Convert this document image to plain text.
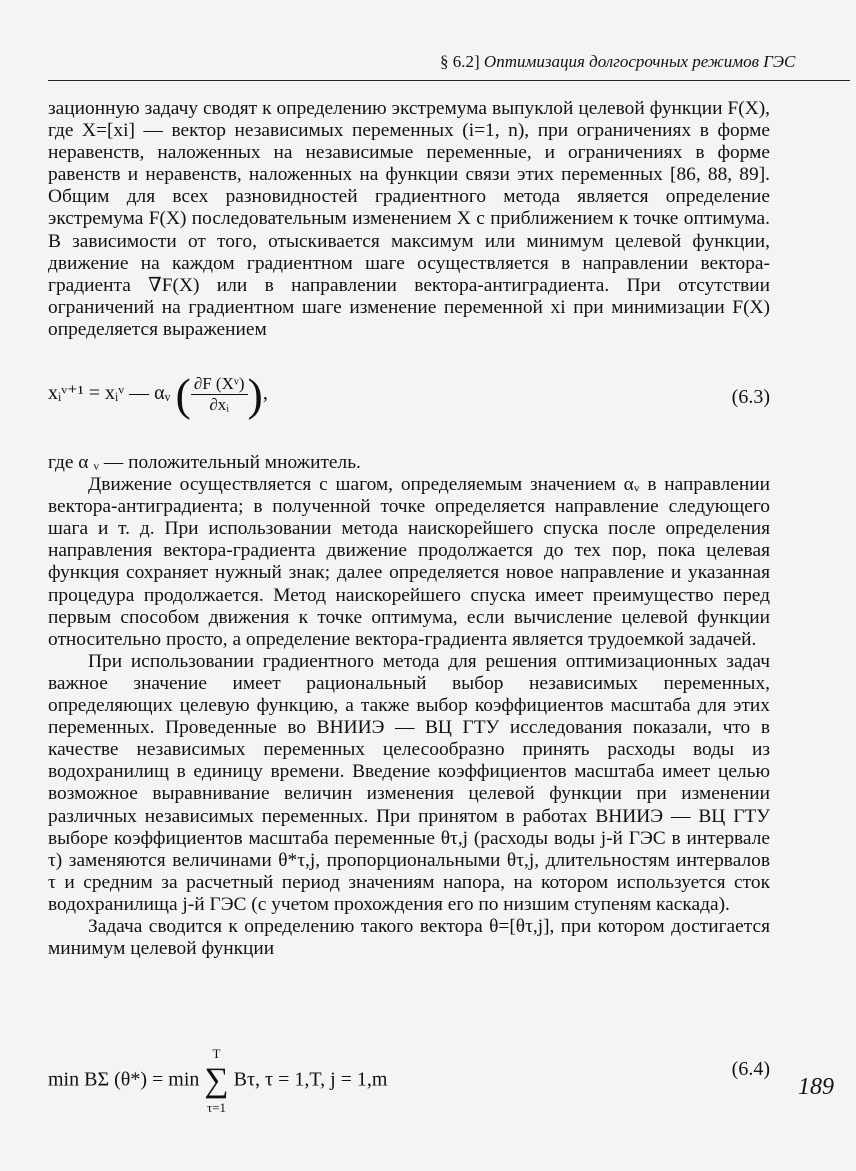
§ 6.2] Оптимизация долгосрочных режимов ГЭС

зационную задачу сводят к определению экстремума выпуклой целевой функции F(X), где X=[xi] — вектор независимых переменных (i=1, n), при ограничениях в форме неравенств, наложенных на независимые переменные, и ограничениях в форме равенств и неравенств, наложенных на функции связи этих переменных [86, 88, 89]. Общим для всех разновидностей градиентного метода является определение экстремума F(X) последовательным изменением X с приближением к точке оптимума. В зависимости от того, отыскивается максимум или минимум целевой функции, движение на каждом градиентном шаге осуществляется в направлении вектора-градиента ∇F(X) или в направлении вектора-антиградиента. При отсутствии ограничений на градиентном шаге изменение переменной xi при минимизации F(X) определяется выражением

xᵢᵛ⁺¹ = xᵢᵛ — αᵥ ( $\frac{\text{∂F (Xᵛ)}}{\text{∂xᵢ}}$ ),	(6.3)

где α ᵥ — положительный множитель.

Движение осуществляется с шагом, определяемым значением αᵥ в направлении вектора-антиградиента; в полученной точке определяется направление следующего шага и т. д. При использовании метода наискорейшего спуска после определения направления вектора-градиента движение продолжается до тех пор, пока целевая функция сохраняет нужный знак; далее определяется новое направление и указанная процедура продолжается. Метод наискорейшего спуска имеет преимущество перед первым способом движения к точке оптимума, если вычисление целевой функции относительно просто, а определение вектора-градиента является трудоемкой задачей.

При использовании градиентного метода для решения оптимизационных задач важное значение имеет рациональный выбор независимых переменных, определяющих целевую функцию, а также выбор коэффициентов масштаба для этих переменных. Проведенные во ВНИИЭ — ВЦ ГТУ исследования показали, что в качестве независимых переменных целесообразно принять расходы воды из водохранилищ в единицу времени. Введение коэффициентов масштаба имеет целью возможное выравнивание величин изменения целевой функции при изменении различных независимых переменных. При принятом в работах ВНИИЭ — ВЦ ГТУ выборе коэффициентов масштаба переменные θτ,j (расходы воды j-й ГЭС в интервале τ) заменяются величинами θ*τ,j, пропорциональными θτ,j, длительностям интервалов τ и средним за расчетный период значениям напора, на котором используется сток водохранилища j-й ГЭС (с учетом прохождения его по низшим ступеням каскада).

Задача сводится к определению такого вектора θ=[θτ,j], при котором достигается минимум целевой функции

min BΣ (θ*) = min
T
∑
τ=1
Bτ, τ = 1,T, j = 1,m	(6.4)
189
